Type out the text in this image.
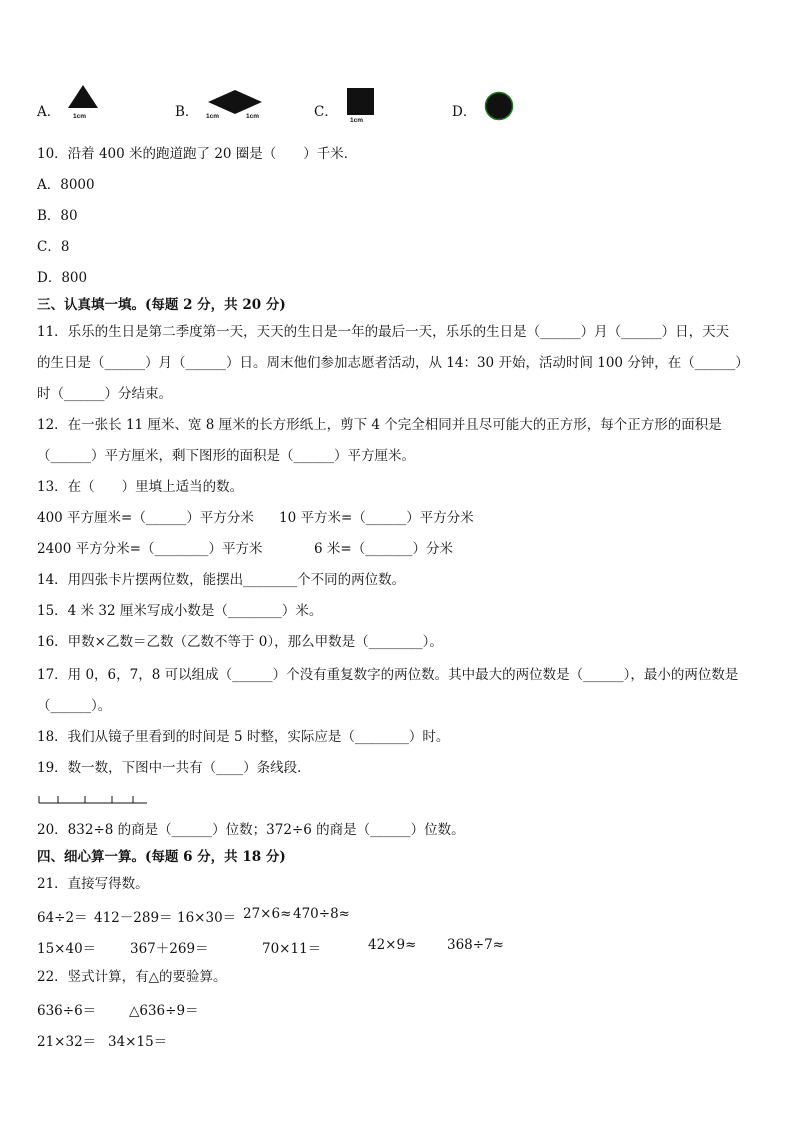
A． 1cm	B． 1cm	1cm	C．
1cm
D．
10．沿着 400 米的跑道跑了 20 圈是（　　）千米．
A．8000
B．80
C．8
D．800
三、认真填一填。(每题 2 分，共 20 分)
11．乐乐的生日是第二季度第一天，天天的生日是一年的最后一天，乐乐的生日是（______）月（______）日，天天
的生日是（______）月（______）日。周末他们参加志愿者活动，从 14：30 开始，活动时间 100 分钟，在（______）
时（______）分结束。
12．在一张长 11 厘米、宽 8 厘米的长方形纸上，剪下 4 个完全相同并且尽可能大的正方形，每个正方形的面积是
（______）平方厘米，剩下图形的面积是（______）平方厘米。
13．在（　　）里填上适当的数。
400 平方厘米=（______）平方分米 10 平方米=（______）平方分米
2400 平方分米=（________）平方米	6 米=（_______）分米
14．用四张卡片摆两位数，能摆出________个不同的两位数。
15．4 米 32 厘米写成小数是（________）米。
16．甲数×乙数＝乙数（乙数不等于 0），那么甲数是（________）。
17．用 0，6，7，8 可以组成（______）个没有重复数字的两位数。其中最大的两位数是（______），最小的两位数是
（______）。
18．我们从镜子里看到的时间是 5 时整，实际应是（________）时。
19．数一数，下图中一共有（____）条线段．
20．832÷8 的商是（______）位数；372÷6 的商是（______）位数。
四、细心算一算。(每题 6 分，共 18 分)
21．直接写得数。
64÷2＝ 412－289＝ 16×30＝ 27×6≈ 470÷8≈
15×40＝	367＋269＝	70×11＝	42×9≈ 368÷7≈
22．竖式计算，有△的要验算。
636÷6＝ △636÷9＝
21×32＝ 34×15＝
